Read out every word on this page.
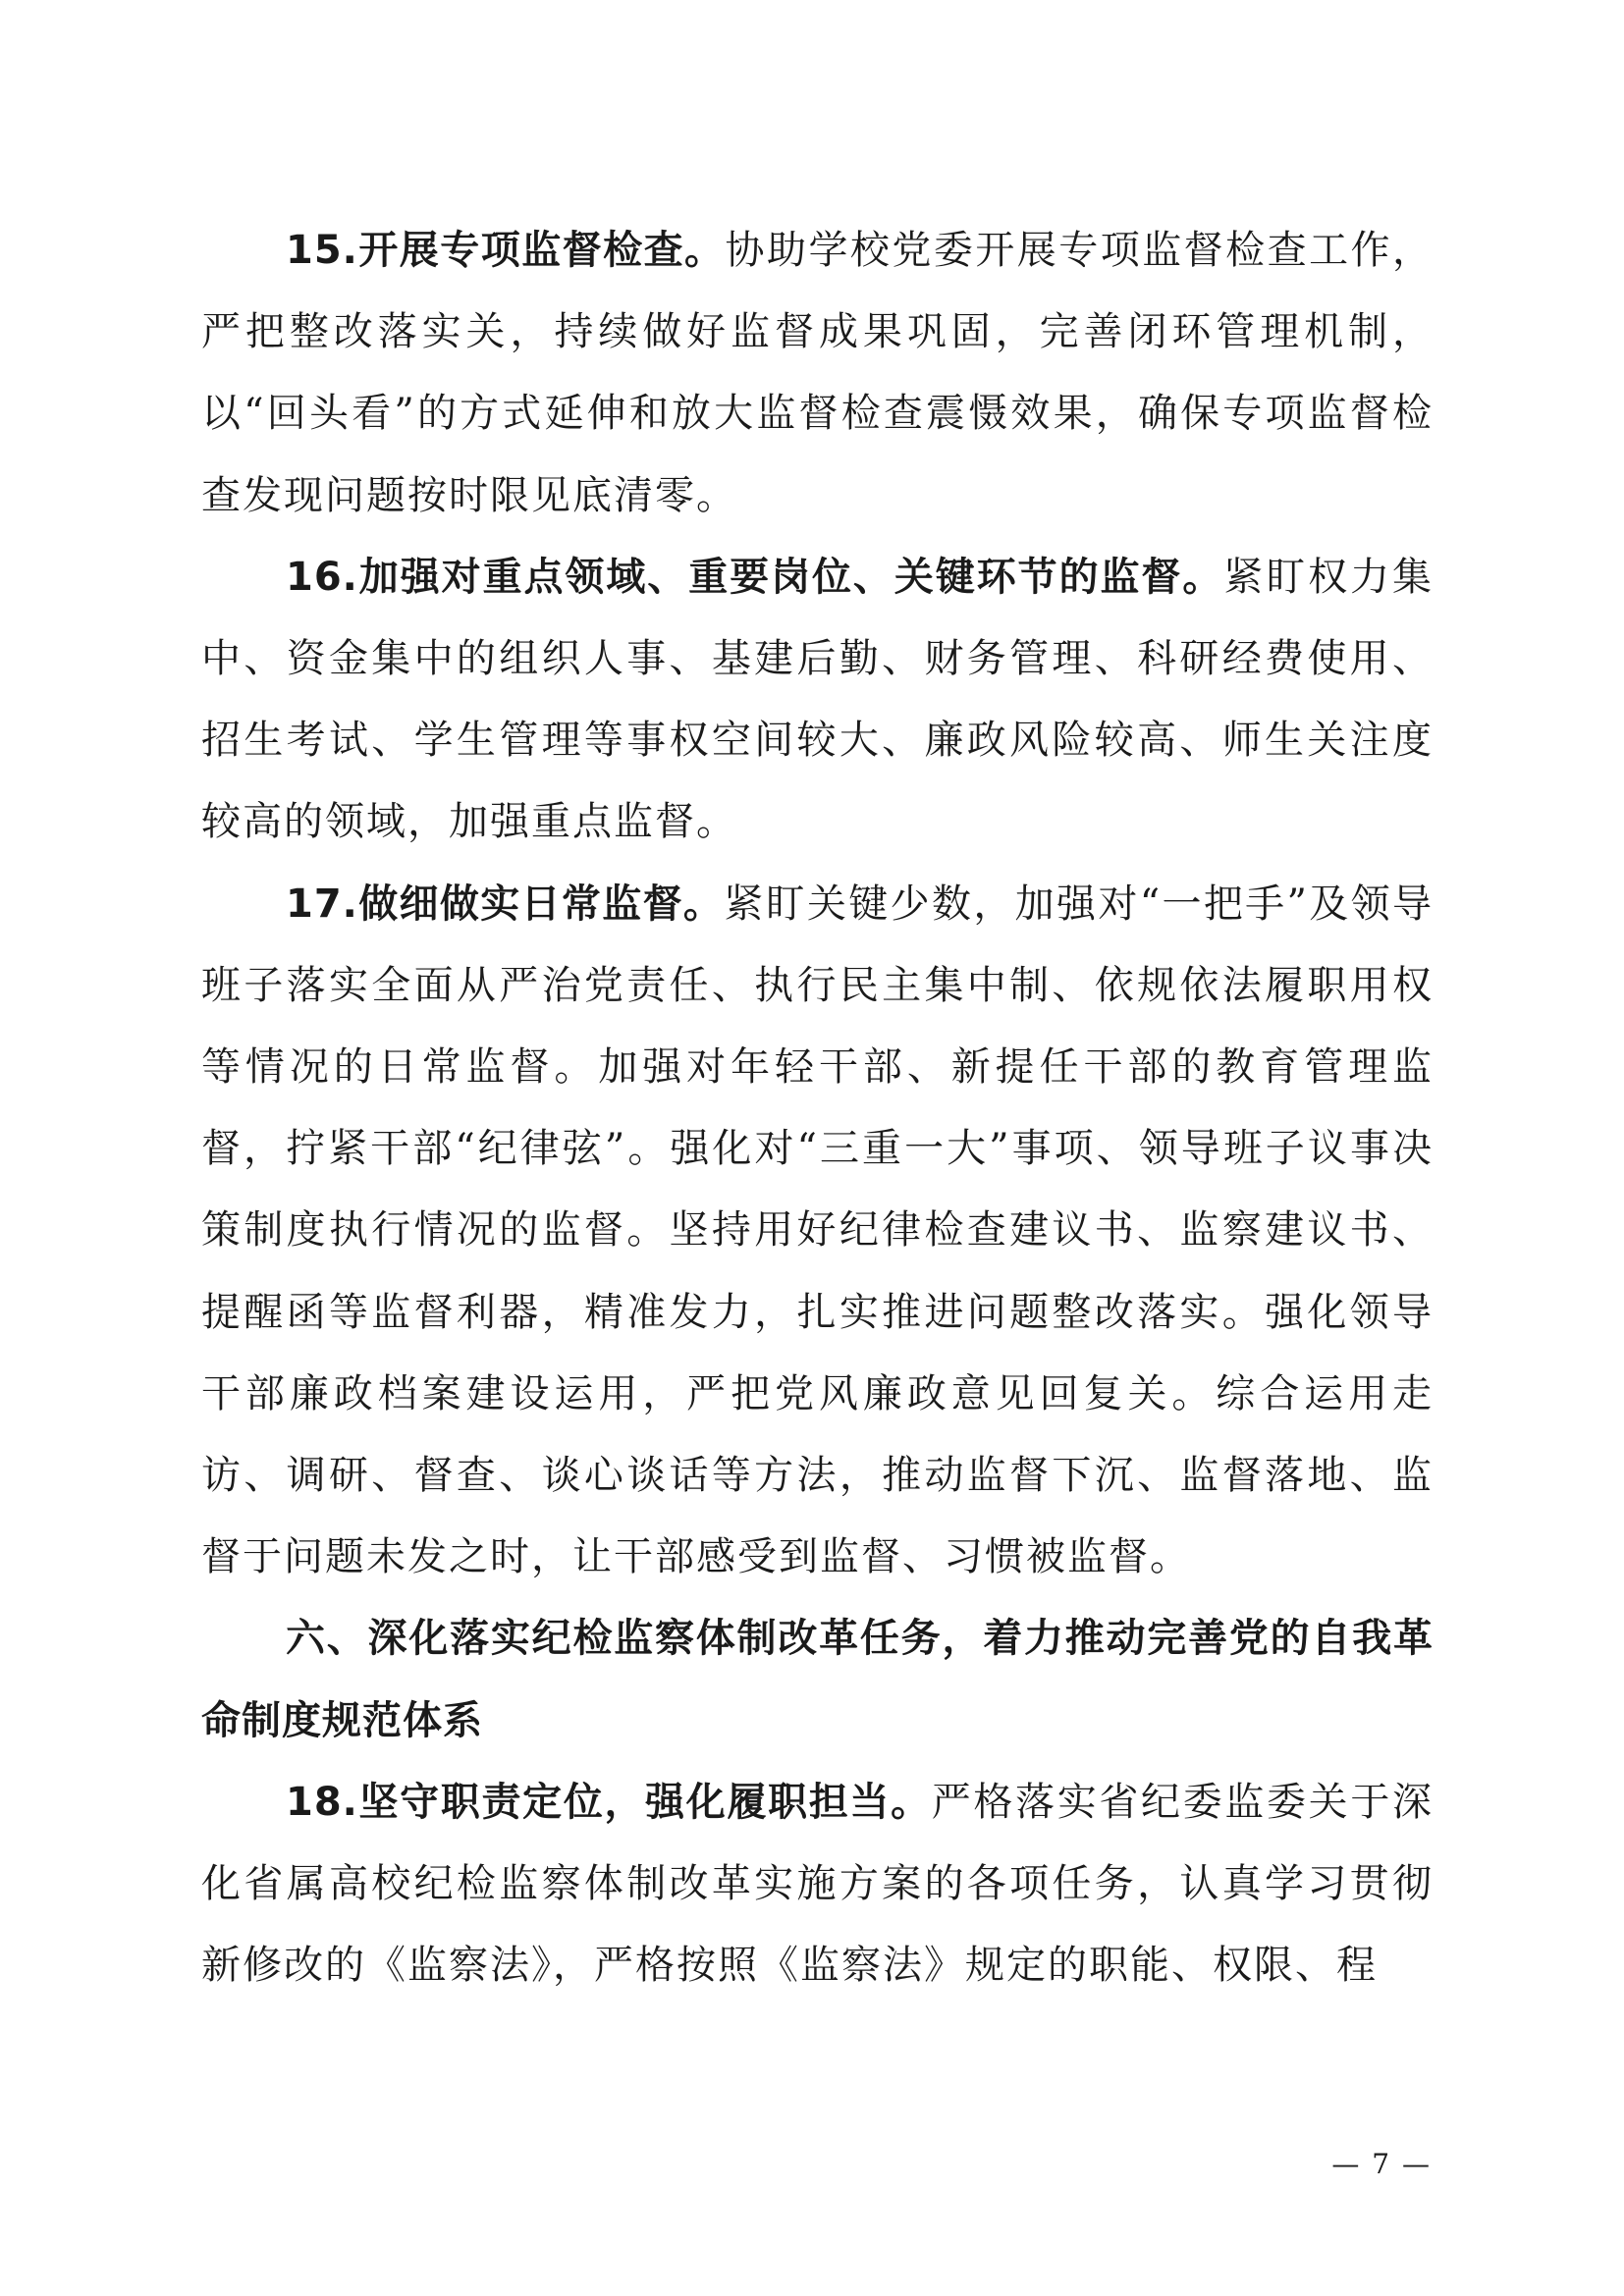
15.开展专项监督检查。协助学校党委开展专项监督检查工作，严把整改落实关，持续做好监督成果巩固，完善闭环管理机制，以“回头看”的方式延伸和放大监督检查震慑效果，确保专项监督检查发现问题按时限见底清零。

16.加强对重点领域、重要岗位、关键环节的监督。紧盯权力集中、资金集中的组织人事、基建后勤、财务管理、科研经费使用、招生考试、学生管理等事权空间较大、廉政风险较高、师生关注度较高的领域，加强重点监督。

17.做细做实日常监督。紧盯关键少数，加强对“一把手”及领导班子落实全面从严治党责任、执行民主集中制、依规依法履职用权等情况的日常监督。加强对年轻干部、新提任干部的教育管理监督，拧紧干部“纪律弦”。强化对“三重一大”事项、领导班子议事决策制度执行情况的监督。坚持用好纪律检查建议书、监察建议书、提醒函等监督利器，精准发力，扎实推进问题整改落实。强化领导干部廉政档案建设运用，严把党风廉政意见回复关。综合运用走访、调研、督查、谈心谈话等方法，推动监督下沉、监督落地、监督于问题未发之时，让干部感受到监督、习惯被监督。

六、深化落实纪检监察体制改革任务，着力推动完善党的自我革命制度规范体系

18.坚守职责定位，强化履职担当。严格落实省纪委监委关于深化省属高校纪检监察体制改革实施方案的各项任务，认真学习贯彻新修改的《监察法》，严格按照《监察法》规定的职能、权限、程

— 7 —
